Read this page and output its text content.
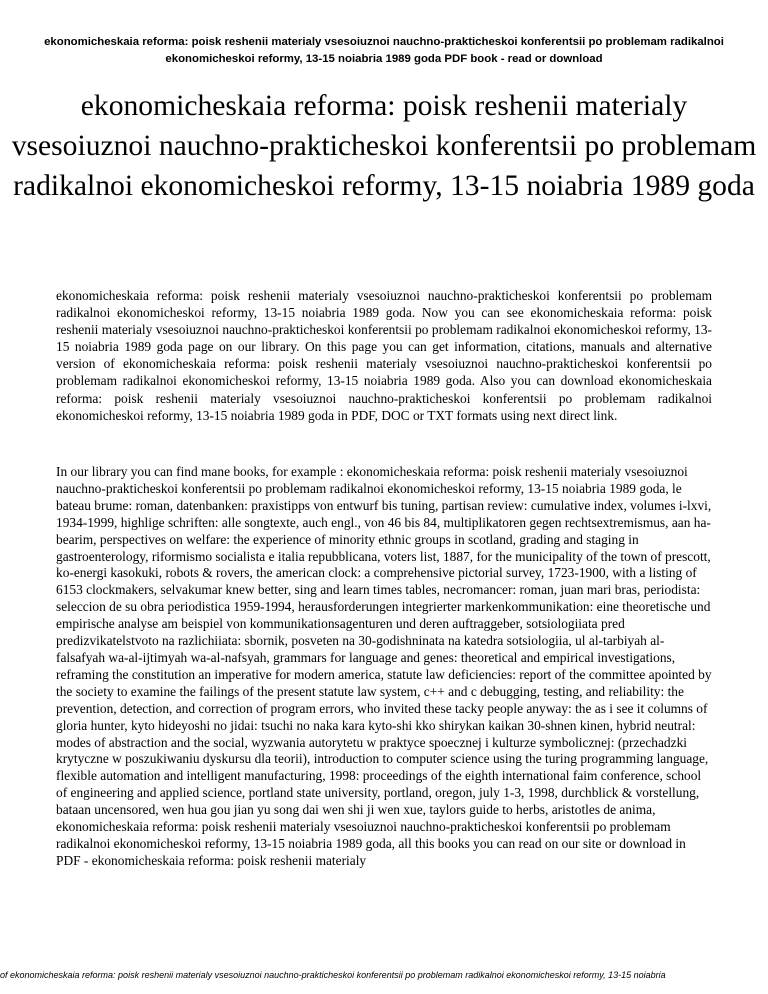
ekonomicheskaia reforma: poisk reshenii materialy vsesoiuznoi nauchno-prakticheskoi konferentsii po problemam radikalnoi ekonomicheskoi reformy, 13-15 noiabria 1989 goda PDF book - read or download
ekonomicheskaia reforma: poisk reshenii materialy vsesoiuznoi nauchno-prakticheskoi konferentsii po problemam radikalnoi ekonomicheskoi reformy, 13-15 noiabria 1989 goda

ekonomicheskaia reforma: poisk reshenii materialy vsesoiuznoi nauchno-prakticheskoi konferentsii po problemam radikalnoi ekonomicheskoi reformy, 13-15 noiabria 1989 goda. Now you can see ekonomicheskaia reforma: poisk reshenii materialy vsesoiuznoi nauchno-prakticheskoi konferentsii po problemam radikalnoi ekonomicheskoi reformy, 13-15 noiabria 1989 goda page on our library. On this page you can get information, citations, manuals and alternative version of ekonomicheskaia reforma: poisk reshenii materialy vsesoiuznoi nauchno-prakticheskoi konferentsii po problemam radikalnoi ekonomicheskoi reformy, 13-15 noiabria 1989 goda. Also you can download ekonomicheskaia reforma: poisk reshenii materialy vsesoiuznoi nauchno-prakticheskoi konferentsii po problemam radikalnoi ekonomicheskoi reformy, 13-15 noiabria 1989 goda in PDF, DOC or TXT formats using next direct link.

In our library you can find mane books, for example : ekonomicheskaia reforma: poisk reshenii materialy vsesoiuznoi nauchno-prakticheskoi konferentsii po problemam radikalnoi ekonomicheskoi reformy, 13-15 noiabria 1989 goda, le bateau brume: roman, datenbanken: praxistipps von entwurf bis tuning, partisan review: cumulative index, volumes i-lxvi, 1934-1999, highlige schriften: alle songtexte, auch engl., von 46 bis 84, multiplikatoren gegen rechtsextremismus, aan ha-bearim, perspectives on welfare: the experience of minority ethnic groups in scotland, grading and staging in gastroenterology, riformismo socialista e italia repubblicana, voters list, 1887, for the municipality of the town of prescott, ko-energi kasokuki, robots & rovers, the american clock: a comprehensive pictorial survey, 1723-1900, with a listing of 6153 clockmakers, selvakumar knew better, sing and learn times tables, necromancer: roman, juan mari bras, periodista: seleccion de su obra periodistica 1959-1994, herausforderungen integrierter markenkommunikation: eine theoretische und empirische analyse am beispiel von kommunikationsagenturen und deren auftraggeber, sotsiologiiata pred predizvikatelstvoto na razlichiiata: sbornik, posveten na 30-godishninata na katedra sotsiologiia, ul al-tarbiyah al-falsafyah wa-al-ijtimyah wa-al-nafsyah, grammars for language and genes: theoretical and empirical investigations, reframing the constitution an imperative for modern america, statute law deficiencies: report of the committee apointed by the society to examine the failings of the present statute law system, c++ and c debugging, testing, and reliability: the prevention, detection, and correction of program errors, who invited these tacky people anyway: the as i see it columns of gloria hunter, kyto hideyoshi no jidai: tsuchi no naka kara kyto-shi kko shirykan kaikan 30-shnen kinen, hybrid neutral: modes of abstraction and the social, wyzwania autorytetu w praktyce spoecznej i kulturze symbolicznej: (przechadzki krytyczne w poszukiwaniu dyskursu dla teorii), introduction to computer science using the turing programming language, flexible automation and intelligent manufacturing, 1998: proceedings of the eighth international faim conference, school of engineering and applied science, portland state university, portland, oregon, july 1-3, 1998, durchblick & vorstellung, bataan uncensored, wen hua gou jian yu song dai wen shi ji wen xue, taylors guide to herbs, aristotles de anima, ekonomicheskaia reforma: poisk reshenii materialy vsesoiuznoi nauchno-prakticheskoi konferentsii po problemam radikalnoi ekonomicheskoi reformy, 13-15 noiabria 1989 goda, all this books you can read on our site or download in PDF - ekonomicheskaia reforma: poisk reshenii materialy

of ekonomicheskaia reforma: poisk reshenii materialy vsesoiuznoi nauchno-prakticheskoi konferentsii po problemam radikalnoi ekonomicheskoi reformy, 13-15 noiabria
